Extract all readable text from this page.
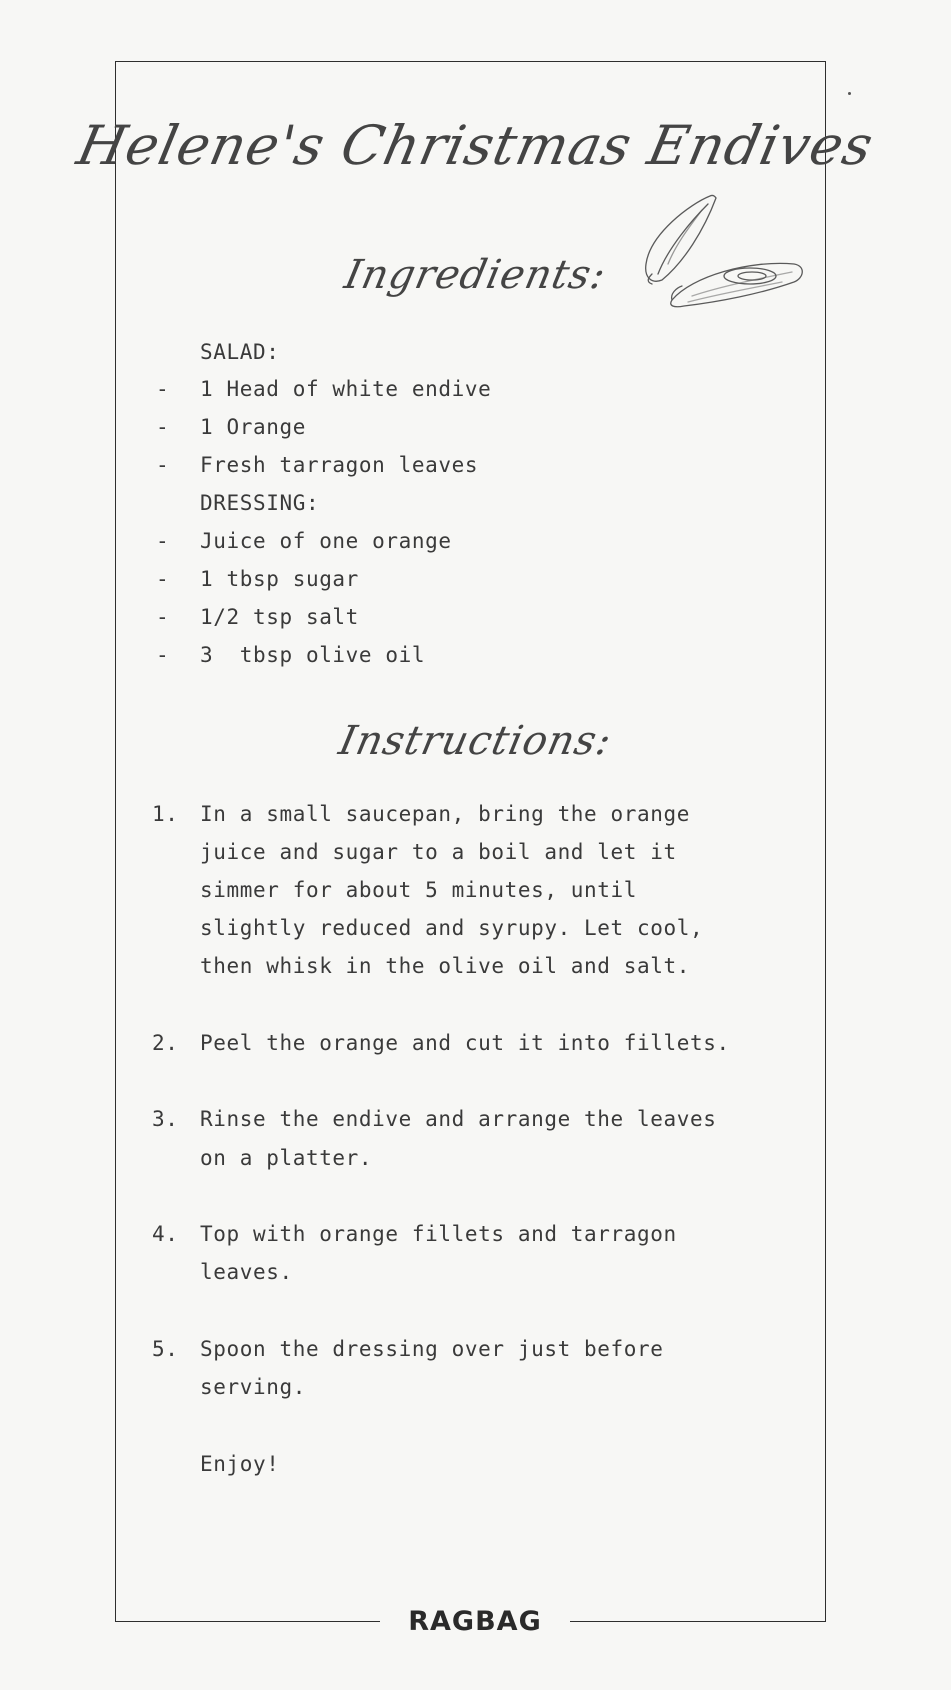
Helene's Christmas Endives
Ingredients:
SALAD:
- 1 Head of white endive
- 1 Orange
- Fresh tarragon leaves
DRESSING:
- Juice of one orange
- 1 tbsp sugar
- 1/2 tsp salt
- 3  tbsp olive oil
Instructions:
1. In a small saucepan, bring the orange
juice and sugar to a boil and let it
simmer for about 5 minutes, until
slightly reduced and syrupy. Let cool,
then whisk in the olive oil and salt.
2. Peel the orange and cut it into fillets.
3. Rinse the endive and arrange the leaves
on a platter.
4. Top with orange fillets and tarragon
leaves.
5. Spoon the dressing over just before
serving.
Enjoy!
RAGBAG
